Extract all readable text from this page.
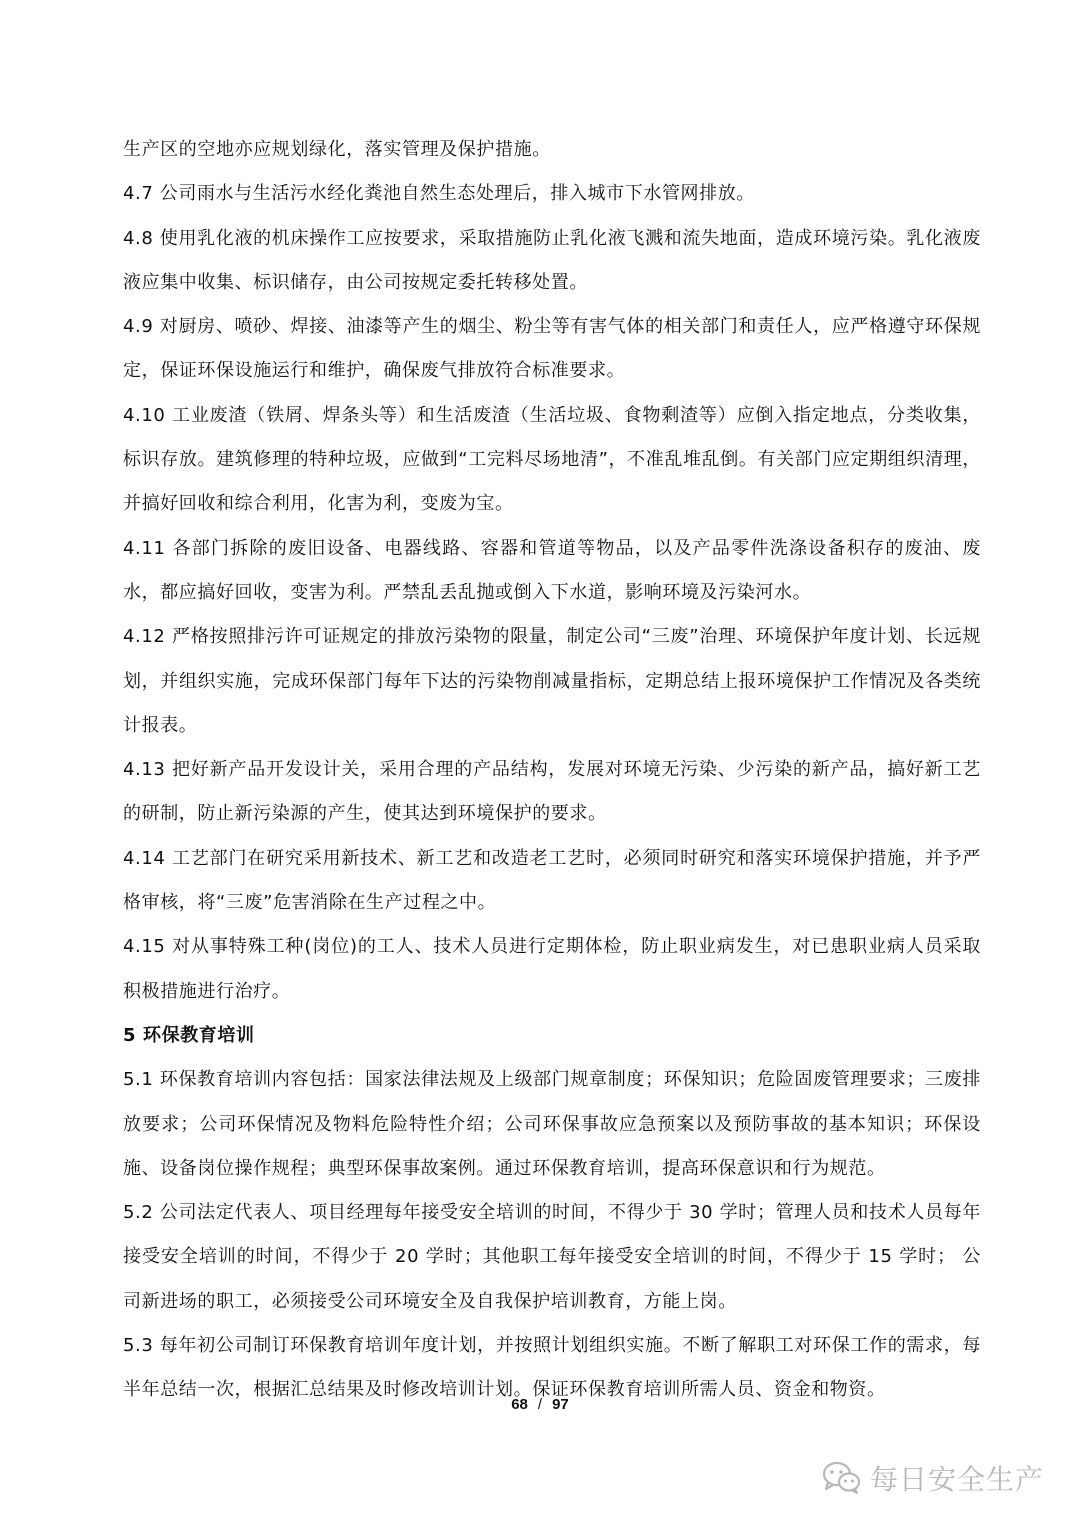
生产区的空地亦应规划绿化，落实管理及保护措施。

4.7 公司雨水与生活污水经化粪池自然生态处理后，排入城市下水管网排放。

4.8 使用乳化液的机床操作工应按要求，采取措施防止乳化液飞溅和流失地面，造成环境污染。乳化液废液应集中收集、标识储存，由公司按规定委托转移处置。

4.9 对厨房、喷砂、焊接、油漆等产生的烟尘、粉尘等有害气体的相关部门和责任人，应严格遵守环保规定，保证环保设施运行和维护，确保废气排放符合标准要求。

4.10 工业废渣（铁屑、焊条头等）和生活废渣（生活垃圾、食物剩渣等）应倒入指定地点，分类收集，标识存放。建筑修理的特种垃圾，应做到“工完料尽场地清”，不准乱堆乱倒。有关部门应定期组织清理，并搞好回收和综合利用，化害为利，变废为宝。

4.11 各部门拆除的废旧设备、电器线路、容器和管道等物品，以及产品零件洗涤设备积存的废油、废水，都应搞好回收，变害为利。严禁乱丢乱抛或倒入下水道，影响环境及污染河水。

4.12 严格按照排污许可证规定的排放污染物的限量，制定公司“三废”治理、环境保护年度计划、长远规划，并组织实施，完成环保部门每年下达的污染物削减量指标，定期总结上报环境保护工作情况及各类统计报表。

4.13 把好新产品开发设计关，采用合理的产品结构，发展对环境无污染、少污染的新产品，搞好新工艺的研制，防止新污染源的产生，使其达到环境保护的要求。

4.14 工艺部门在研究采用新技术、新工艺和改造老工艺时，必须同时研究和落实环境保护措施，并予严格审核，将“三废”危害消除在生产过程之中。

4.15 对从事特殊工种(岗位)的工人、技术人员进行定期体检，防止职业病发生，对已患职业病人员采取积极措施进行治疗。

5 环保教育培训

5.1 环保教育培训内容包括：国家法律法规及上级部门规章制度；环保知识；危险固废管理要求；三废排放要求；公司环保情况及物料危险特性介绍；公司环保事故应急预案以及预防事故的基本知识；环保设施、设备岗位操作规程；典型环保事故案例。通过环保教育培训，提高环保意识和行为规范。

5.2 公司法定代表人、项目经理每年接受安全培训的时间，不得少于 30 学时；管理人员和技术人员每年接受安全培训的时间，不得少于 20 学时；其他职工每年接受安全培训的时间，不得少于 15 学时； 公司新进场的职工，必须接受公司环境安全及自我保护培训教育，方能上岗。

5.3 每年初公司制订环保教育培训年度计划，并按照计划组织实施。不断了解职工对环保工作的需求，每半年总结一次，根据汇总结果及时修改培训计划。保证环保教育培训所需人员、资金和物资。

68 / 97
每日安全生产
